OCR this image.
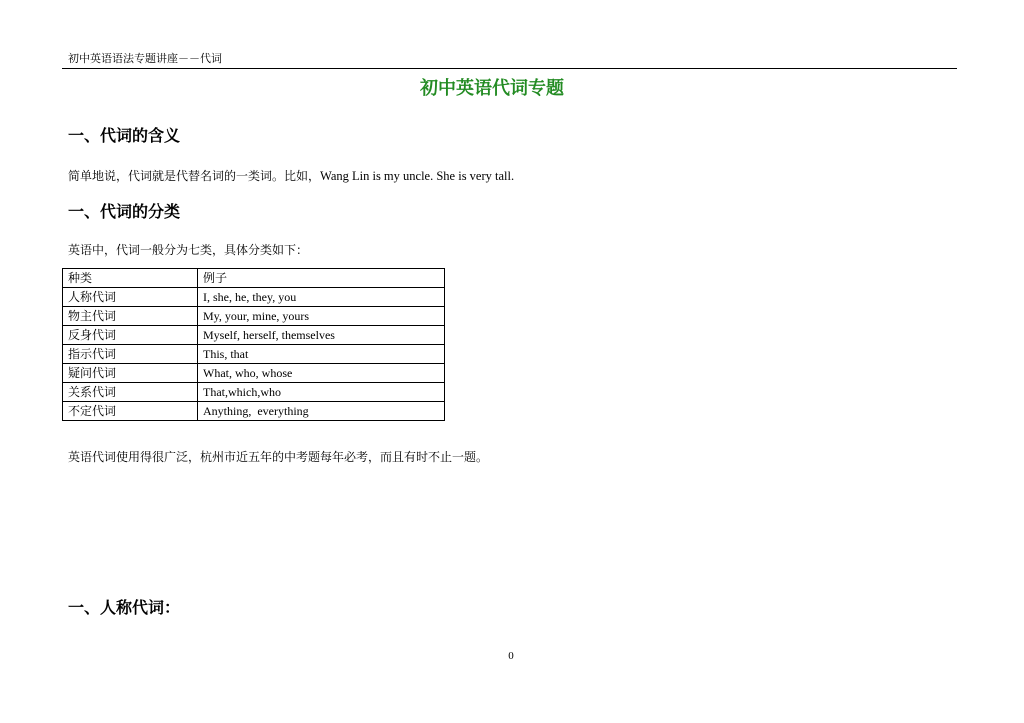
初中英语语法专题讲座－－代词
初中英语代词专题
一、代词的含义
简单地说，代词就是代替名词的一类词。比如，Wang Lin is my uncle. She is very tall.
一、代词的分类
英语中，代词一般分为七类，具体分类如下：
种类	例子
人称代词	I, she, he, they, you
物主代词	My, your, mine, yours
反身代词	Myself, herself, themselves
指示代词	This, that
疑问代词	What, who, whose
关系代词	That,which,who
不定代词	Anything,  everything
英语代词使用得很广泛，杭州市近五年的中考题每年必考，而且有时不止一题。
一、人称代词：
0
